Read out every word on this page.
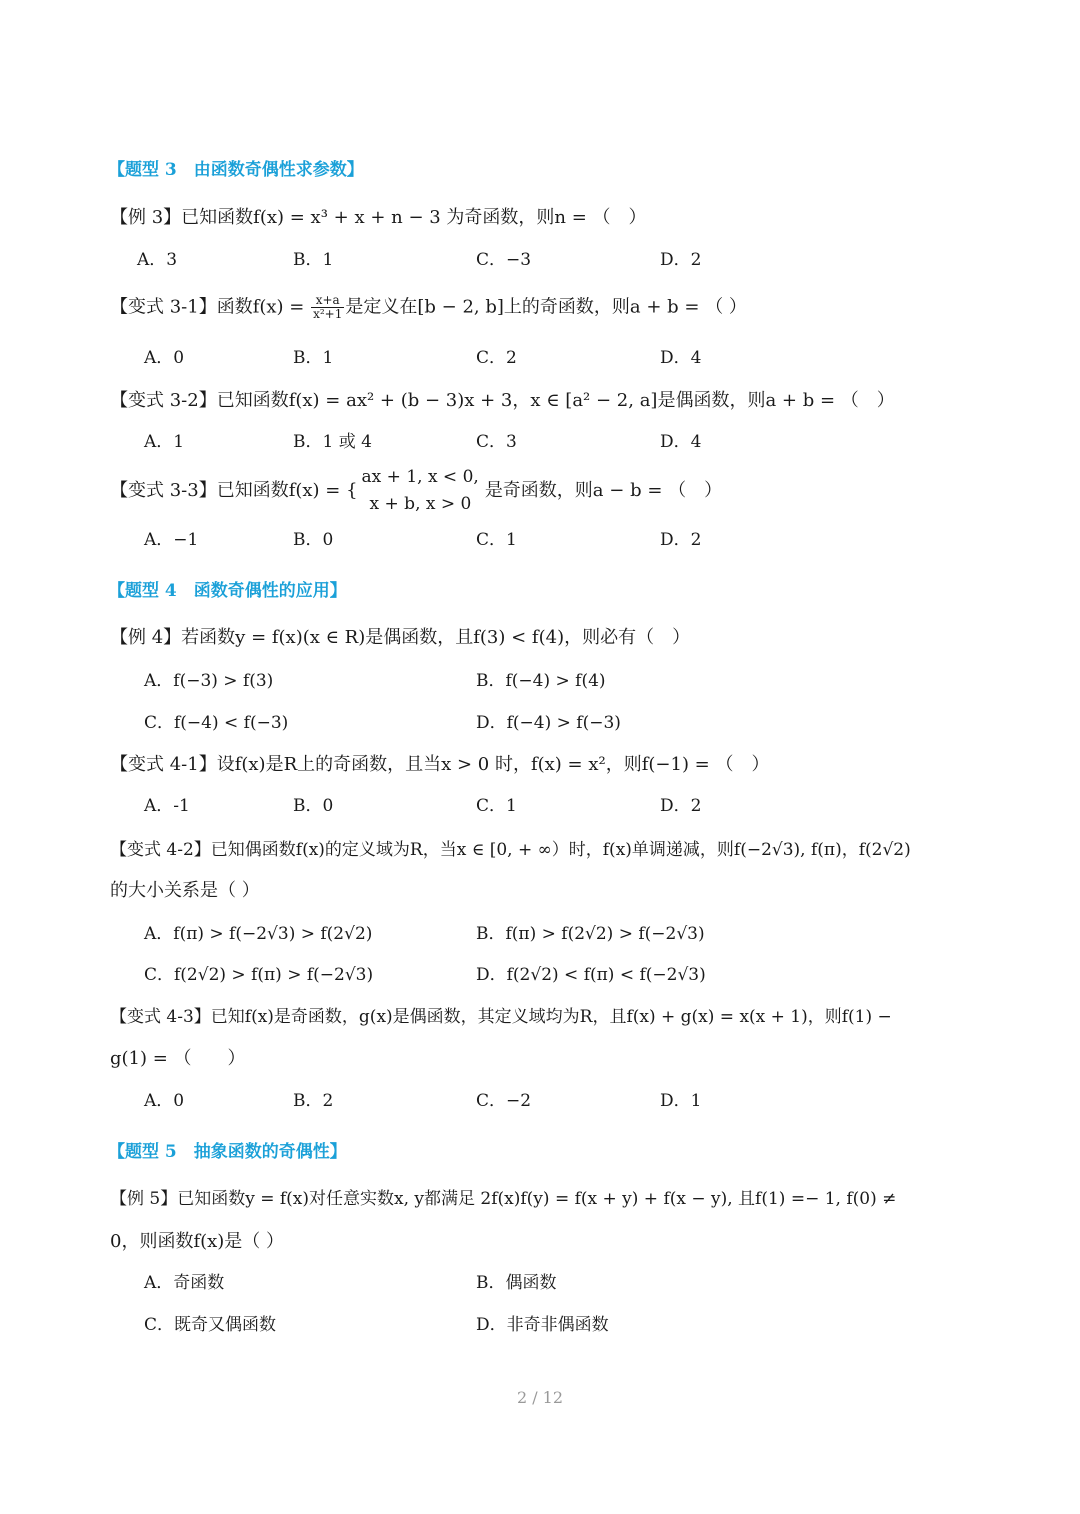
【题型 3　由函数奇偶性求参数】
【例 3】已知函数f(x) = x³ + x + n − 3 为奇函数，则n = （　）
A．3	B．1	C．−3	D．2
【变式 3-1】函数$f(x) = \frac{x+a}{\text{x²+1}}$ 是定义在[b − 2, b]上的奇函数，则a + b = （ ）
A．0	B．1	C．2	D．4
【变式 3-2】已知函数f(x) = ax² + (b − 3)x + 3，x ∈ [a² − 2, a]是偶函数，则a + b = （　）
A．1	B．1 或 4	C．3	D．4
【变式 3-3】已知函数f(x) = {
ax + 1, x < 0,
x + b, x > 0
是奇函数，则a − b = （　）
A．−1	B．0	C．1	D．2
【题型 4　函数奇偶性的应用】
【例 4】若函数y = f(x)(x ∈ R)是偶函数，且f(3) < f(4)，则必有（　）
A．f(−3) > f(3)	B．f(−4) > f(4)
C．f(−4) < f(−3)	D．f(−4) > f(−3)
【变式 4-1】设f(x)是R上的奇函数，且当x > 0 时，f(x) = x²，则f(−1) = （　）
A．-1	B．0	C．1	D．2
【变式 4-2】已知偶函数f(x)的定义域为R，当x ∈ [0, + ∞）时，f(x)单调递减，则f(−2√3), f(π)，f(2√2)
的大小关系是（ ）
A．f(π) > f(−2√3) > f(2√2)	B．f(π) > f(2√2) > f(−2√3)
C．f(2√2) > f(π) > f(−2√3)	D．f(2√2) < f(π) < f(−2√3)
【变式 4-3】已知f(x)是奇函数，g(x)是偶函数，其定义域均为R，且f(x) + g(x) = x(x + 1)，则f(1) −
g(1) = （　　）
A．0	B．2	C．−2	D．1
【题型 5　抽象函数的奇偶性】
【例 5】已知函数y = f(x)对任意实数x, y都满足 2f(x)f(y) = f(x + y) + f(x − y), 且f(1) =− 1, f(0) ≠
0，则函数f(x)是（ ）
A．奇函数	B．偶函数
C．既奇又偶函数	D．非奇非偶函数
2 / 12
